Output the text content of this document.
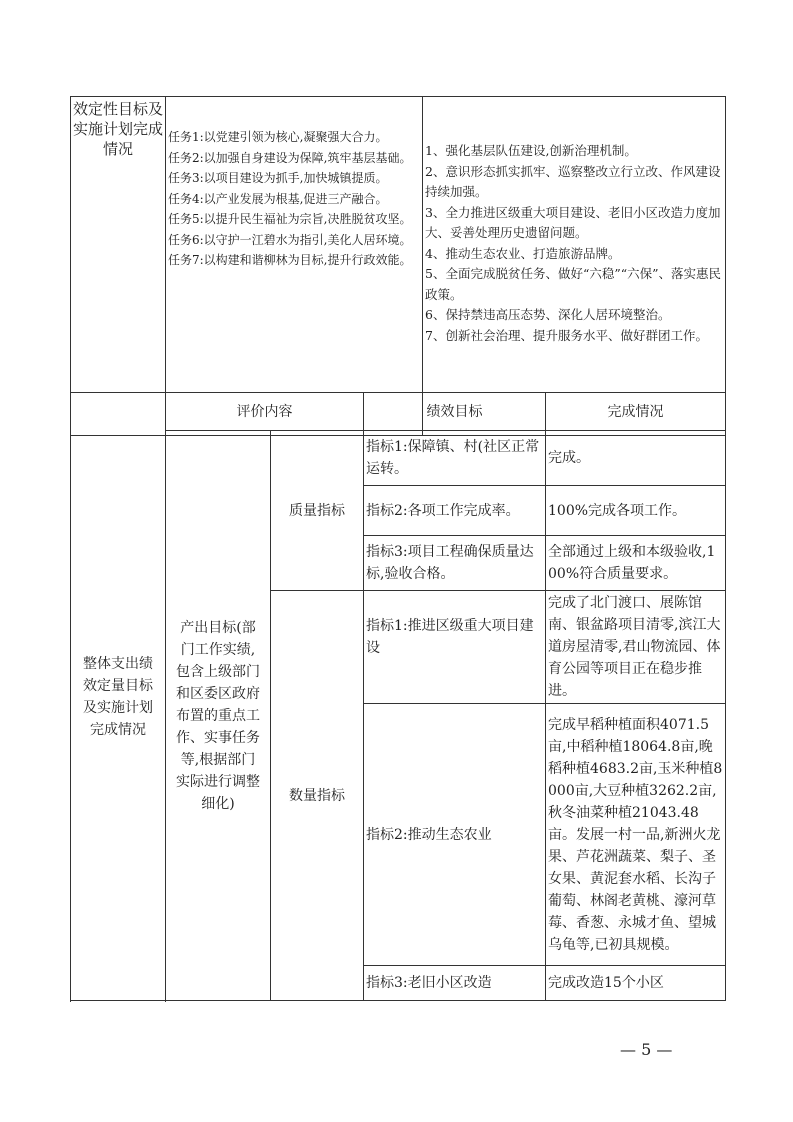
效定性目标及实施计划完成情况	
任务1:以党建引领为核心,凝聚强大合力。
任务2:以加强自身建设为保障,筑牢基层基础。
任务3:以项目建设为抓手,加快城镇提质。
任务4:以产业发展为根基,促进三产融合。
任务5:以提升民生福祉为宗旨,决胜脱贫攻坚。
任务6:以守护一江碧水为指引,美化人居环境。
任务7:以构建和谐柳林为目标,提升行政效能。

1、强化基层队伍建设,创新治理机制。
2、意识形态抓实抓牢、巡察整改立行立改、作风建设持续加强。
3、全力推进区级重大项目建设、老旧小区改造力度加大、妥善处理历史遗留问题。
4、推动生态农业、打造旅游品牌。
5、全面完成脱贫任务、做好“六稳”“六保”、落实惠民政策。
6、保持禁违高压态势、深化人居环境整治。
7、创新社会治理、提升服务水平、做好群团工作。
整体支出绩效定量目标及实施计划完成情况	评价内容		绩效目标	完成情况
	产出目标(部门工作实绩,包含上级部门和区委区政府布置的重点工作、实事任务等,根据部门实际进行调整细化)	质量指标	指标1:保障镇、村(社区正常运转。	完成。
			指标2:各项工作完成率。	100%完成各项工作。
			指标3:项目工程确保质量达标,验收合格。	全部通过上级和本级验收,100%符合质量要求。
		数量指标	指标1:推进区级重大项目建设	完成了北门渡口、展陈馆南、银盆路项目清零,滨江大道房屋清零,君山物流园、体育公园等项目正在稳步推进。
			指标2:推动生态农业	完成早稻种植面积4071.5亩,中稻种植18064.8亩,晚稻种植4683.2亩,玉米种植8000亩,大豆种植3262.2亩,秋冬油菜种植21043.48亩。发展一村一品,新洲火龙果、芦花洲蔬菜、梨子、圣女果、黄泥套水稻、长沟子葡萄、林阁老黄桃、濠河草莓、香葱、永城才鱼、望城乌龟等,已初具规模。
			指标3:老旧小区改造	完成改造15个小区

— 5 —
